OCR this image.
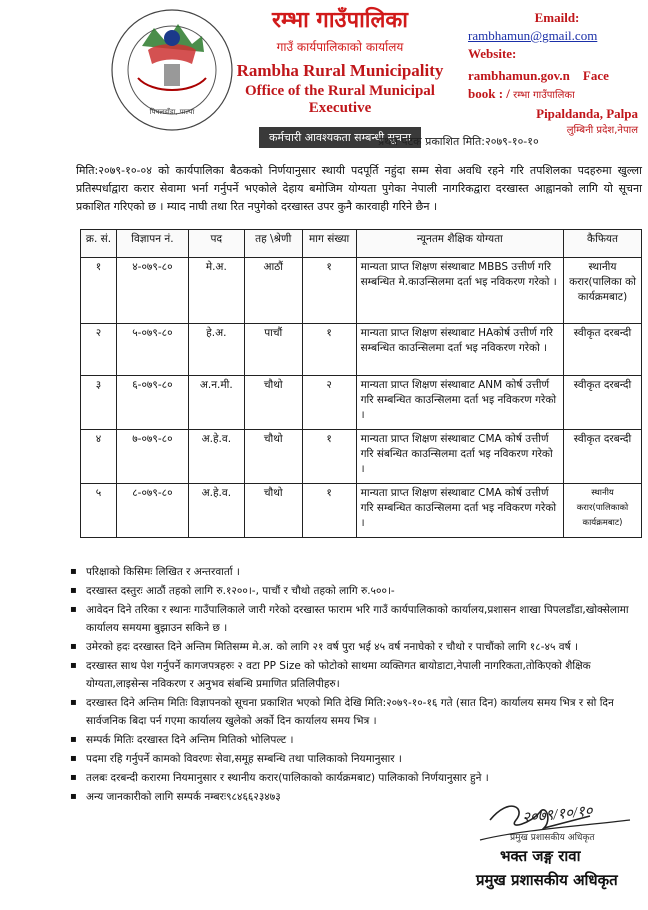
पिपलडाँडा, पाल्पा
रम्भा गाउँपालिका
गाउँ कार्यपालिकाको कार्यालय
Rambha Rural Municipality
Office of the Rural Municipal Executive
कर्मचारी आवश्यकता सम्बन्धी सूचना
Emaild:
rambhamun@gmail.com
Website:
rambhamun.gov.n Face
book : / रम्भा गाउँपालिका
Pipaldanda, Palpa
लुम्बिनी प्रदेश,नेपाल
प्रथम पटक प्रकाशित मिति:२०७९-१०-१०

मिति:२०७९-१०-०४ को कार्यपालिका बैठकको निर्णयानुसार स्थायी पदपूर्ति नहुंदा सम्म सेवा अवधि रहने गरि तपशिलका पदहरुमा खुल्ला प्रतिस्पर्धाद्वारा करार सेवामा भर्ना गर्नुपर्ने भएकोले देहाय बमोजिम योग्यता पुगेका नेपाली नागरिकद्वारा दरखास्त आह्वानको लागि यो सूचना प्रकाशित गरिएको छ । म्याद नाघी तथा रित नपुगेको दरखास्त उपर कुनै कारवाही गरिने छैन ।

क्र. सं.	विज्ञापन नं.	पद	तह \श्रेणी	माग संख्या	न्यूनतम शैक्षिक योग्यता	कैफियत
१	४-०७९-८०	मे.अ.	आठौं	१	मान्यता प्राप्त शिक्षण संस्थाबाट MBBS उत्तीर्ण गरि सम्बन्धित मे.काउन्सिलमा दर्ता भइ नविकरण गरेको ।	स्थानीय करार(पालिका को कार्यक्रमबाट)
२	५-०७९-८०	हे.अ.	पाचौं	१	मान्यता प्राप्त शिक्षण संस्थाबाट HAकोर्ष उत्तीर्ण गरि सम्बन्धित काउन्सिलमा दर्ता भइ नविकरण गरेको ।	स्वीकृत दरबन्दी
३	६-०७९-८०	अ.न.मी.	चौथो	२	मान्यता प्राप्त शिक्षण संस्थाबाट ANM कोर्ष उत्तीर्ण गरि सम्बन्धित काउन्सिलमा दर्ता भइ नविकरण गरेको ।	स्वीकृत दरबन्दी
४	७-०७९-८०	अ.हे.व.	चौथो	१	मान्यता प्राप्त शिक्षण संस्थाबाट CMA कोर्ष उत्तीर्ण गरि संबन्धित काउन्सिलमा दर्ता भइ नविकरण गरेको ।	स्वीकृत दरबन्दी
५	८-०७९-८०	अ.हे.व.	चौथो	१	मान्यता प्राप्त शिक्षण संस्थाबाट CMA कोर्ष उत्तीर्ण गरि सम्बन्धित काउन्सिलमा दर्ता भइ नविकरण गरेको ।	स्थानीय करार(पालिकाको कार्यक्रमबाट)
▪ परिक्षाको किसिमः लिखित र अन्तरवार्ता ।
▪ दरखास्त दस्तुरः आठौं तहको लागि रु.१२००।-, पाचौं र चौथो तहको लागि रु.५००।-
▪ आवेदन दिने तरिका र स्थानः गाउँपालिकाले जारी गरेको दरखास्त फाराम भरि गाउँ कार्यपालिकाको कार्यालय,प्रशासन शाखा पिपलडाँडा,खोक्सेलामा कार्यालय समयमा बुझाउन सकिने छ ।
▪ उमेरको हदः दरखास्त दिने अन्तिम मितिसम्म मे.अ. को लागि २१ वर्ष पुरा भई ४५ वर्ष ननाघेको र चौथो र पाचौंको लागि १८-४५ वर्ष ।
▪ दरखास्त साथ पेश गर्नुपर्ने कागजपत्रहरुः २ वटा PP Size को फोटोको साथमा व्यक्तिगत बायोडाटा,नेपाली नागरिकता,तोकिएको शैक्षिक योग्यता,लाइसेन्स नविकरण र अनुभव संबन्धि प्रमाणित प्रतिलिपीहरु।
▪ दरखास्त दिने अन्तिम मितिः विज्ञापनको सूचना प्रकाशित भएको मिति देखि मिति:२०७९-१०-१६ गते (सात दिन) कार्यालय समय भित्र र सो दिन सार्वजनिक बिदा पर्न गएमा कार्यालय खुलेको अर्को दिन कार्यालय समय भित्र ।
▪ सम्पर्क मितिः दरखास्त दिने अन्तिम मितिको भोलिपल्ट ।
▪ पदमा रहि गर्नुपर्ने कामको विवरणः सेवा,समूह सम्बन्धि तथा पालिकाको नियमानुसार ।
▪ तलबः दरबन्दी करारमा नियमानुसार र स्थानीय करार(पालिकाको कार्यक्रमबाट) पालिकाको निर्णयानुसार हुने ।
▪ अन्य जानकारीको लागि सम्पर्क नम्बरः९८४६६२३४७३
२०७९/१०/१०
प्रमुख प्रशासकीय अधिकृत
भक्त जङ्ग रावा
प्रमुख प्रशासकीय अधिकृत
